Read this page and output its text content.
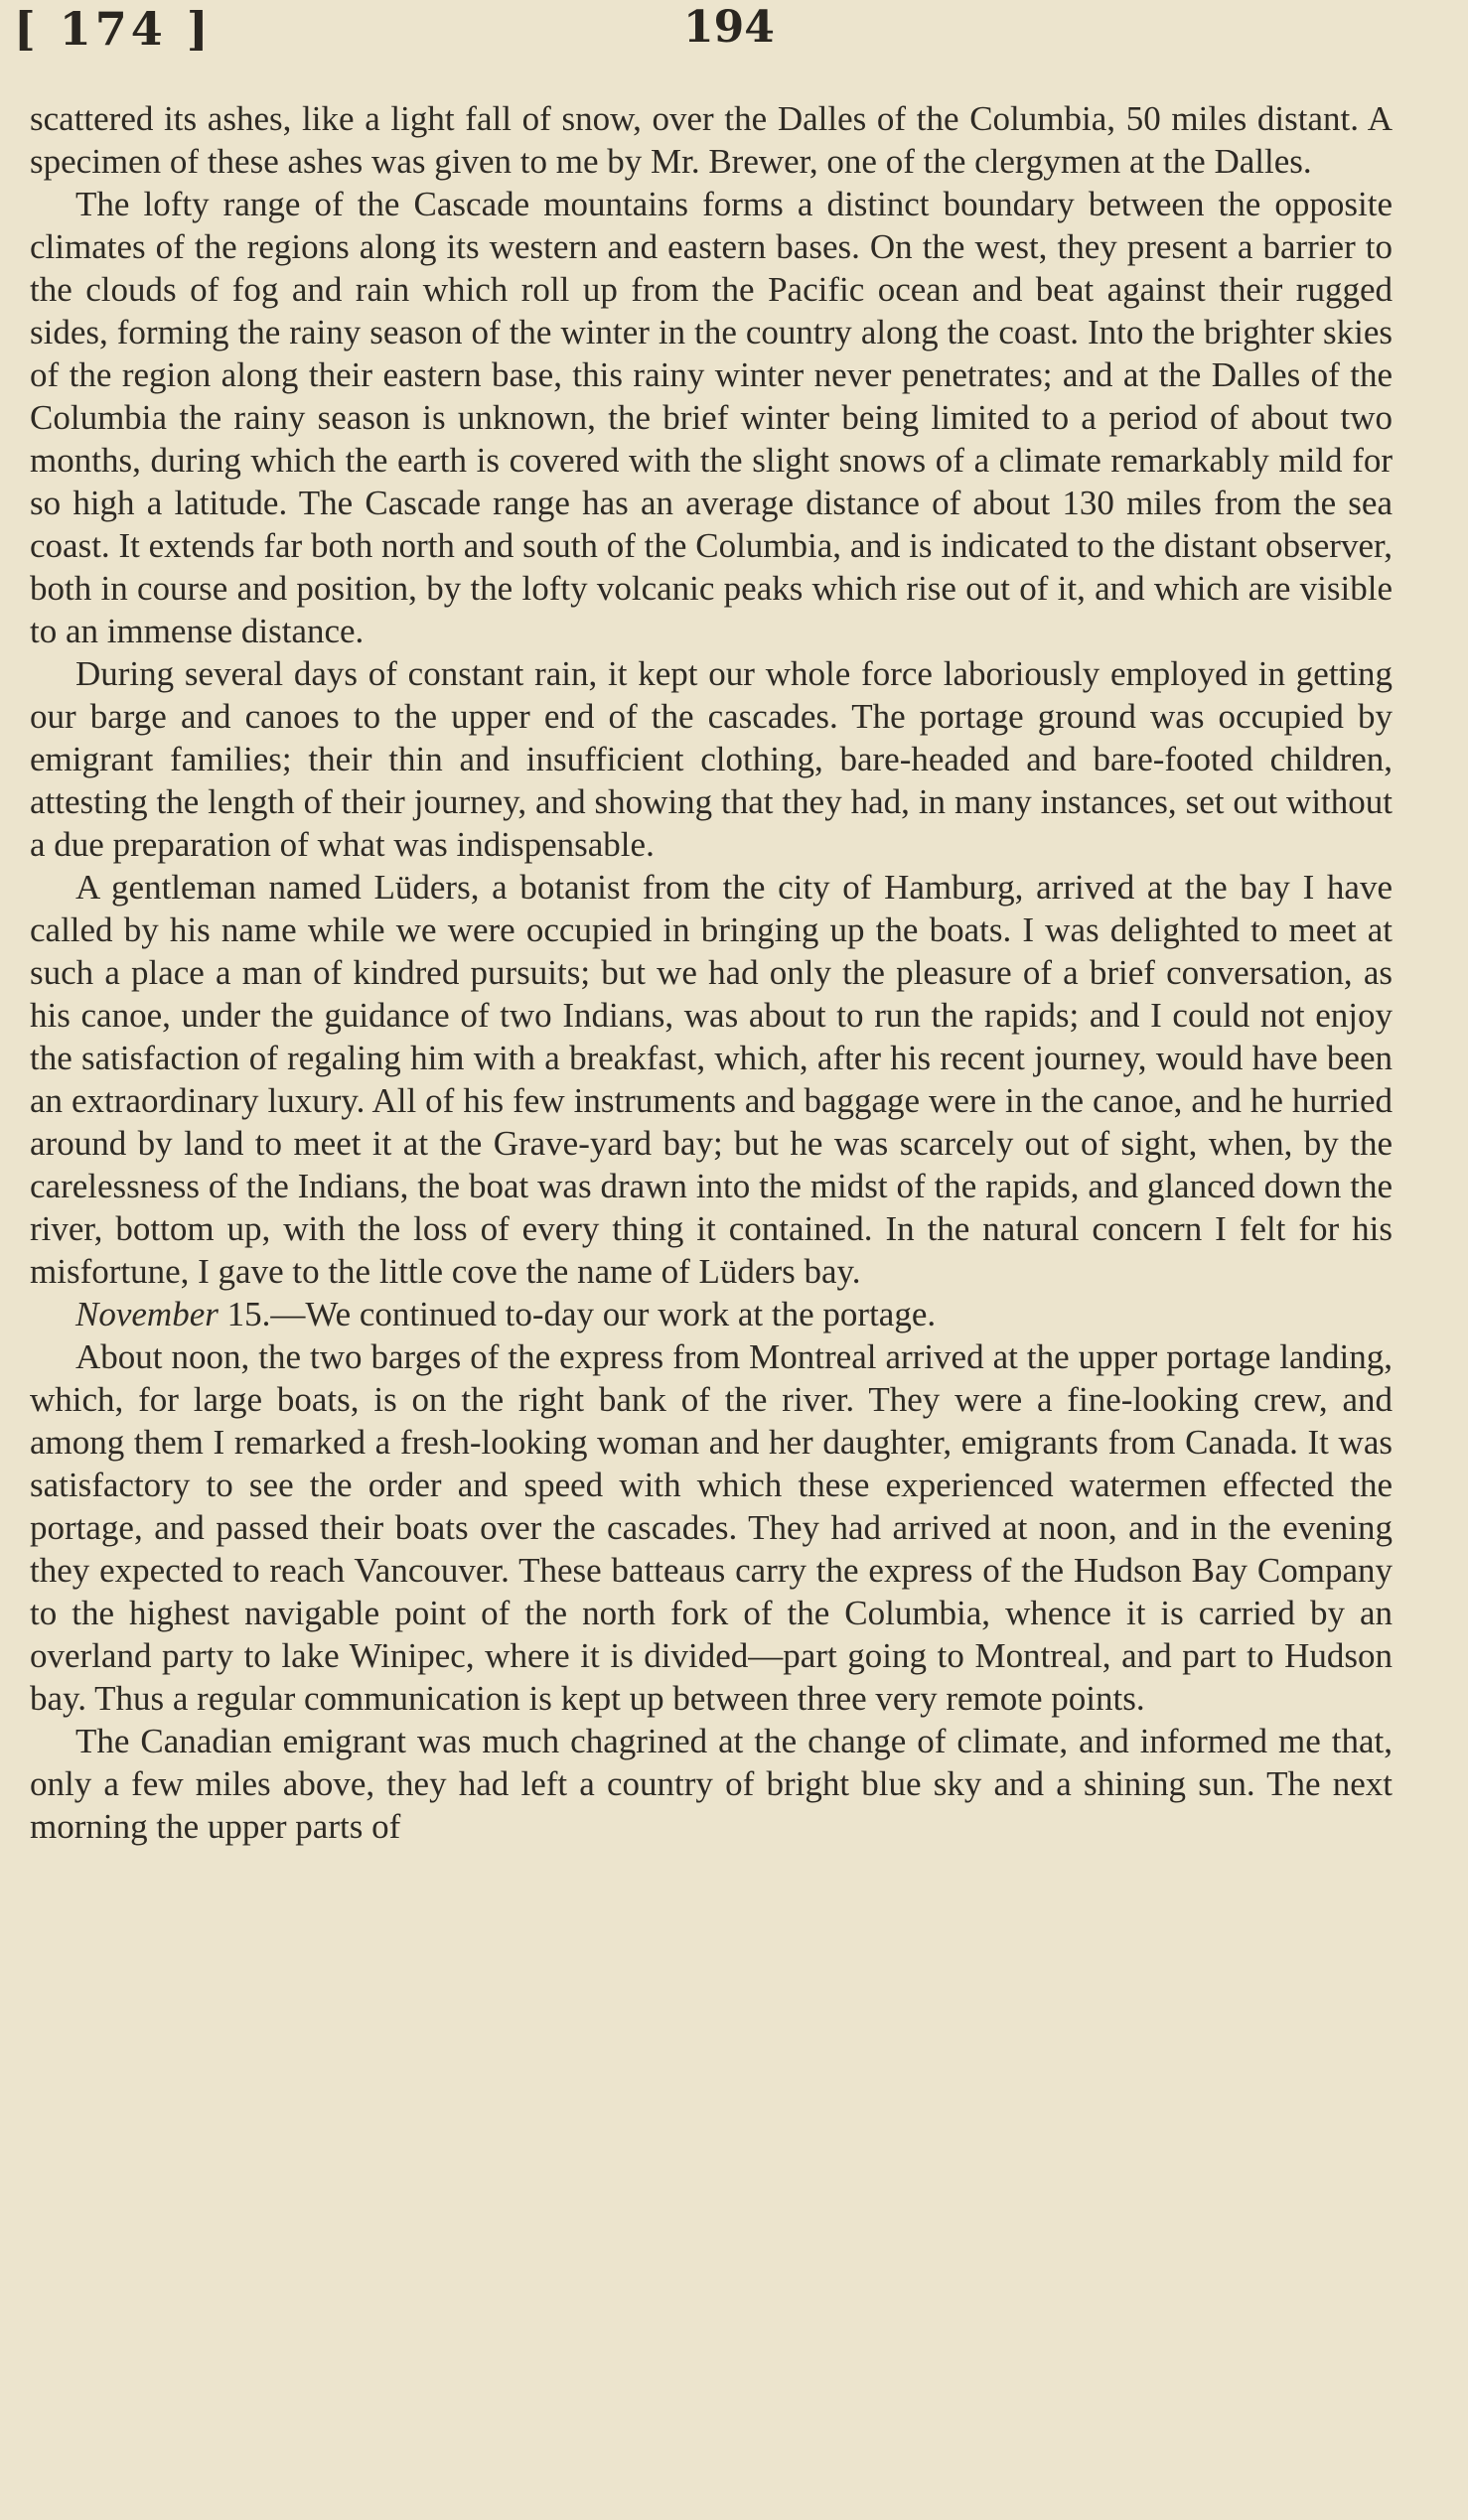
[ 174 ]	194

scattered its ashes, like a light fall of snow, over the Dalles of the Columbia, 50 miles distant. A specimen of these ashes was given to me by Mr. Brewer, one of the clergymen at the Dalles.

The lofty range of the Cascade mountains forms a distinct boundary between the opposite climates of the regions along its western and eastern bases. On the west, they present a barrier to the clouds of fog and rain which roll up from the Pacific ocean and beat against their rugged sides, forming the rainy season of the winter in the country along the coast. Into the brighter skies of the region along their eastern base, this rainy winter never penetrates; and at the Dalles of the Columbia the rainy season is unknown, the brief winter being limited to a period of about two months, during which the earth is covered with the slight snows of a climate remarkably mild for so high a latitude. The Cascade range has an average distance of about 130 miles from the sea coast. It extends far both north and south of the Columbia, and is indicated to the distant observer, both in course and position, by the lofty volcanic peaks which rise out of it, and which are visible to an immense distance.

During several days of constant rain, it kept our whole force laboriously employed in getting our barge and canoes to the upper end of the cascades. The portage ground was occupied by emigrant families; their thin and insufficient clothing, bare-headed and bare-footed children, attesting the length of their journey, and showing that they had, in many instances, set out without a due preparation of what was indispensable.

A gentleman named Lüders, a botanist from the city of Hamburg, arrived at the bay I have called by his name while we were occupied in bringing up the boats. I was delighted to meet at such a place a man of kindred pursuits; but we had only the pleasure of a brief conversation, as his canoe, under the guidance of two Indians, was about to run the rapids; and I could not enjoy the satisfaction of regaling him with a breakfast, which, after his recent journey, would have been an extraordinary luxury. All of his few instruments and baggage were in the canoe, and he hurried around by land to meet it at the Grave-yard bay; but he was scarcely out of sight, when, by the carelessness of the Indians, the boat was drawn into the midst of the rapids, and glanced down the river, bottom up, with the loss of every thing it contained. In the natural concern I felt for his misfortune, I gave to the little cove the name of Lüders bay.

November 15.—We continued to-day our work at the portage.

About noon, the two barges of the express from Montreal arrived at the upper portage landing, which, for large boats, is on the right bank of the river. They were a fine-looking crew, and among them I remarked a fresh-looking woman and her daughter, emigrants from Canada. It was satisfactory to see the order and speed with which these experienced watermen effected the portage, and passed their boats over the cascades. They had arrived at noon, and in the evening they expected to reach Vancouver. These batteaus carry the express of the Hudson Bay Company to the highest navigable point of the north fork of the Columbia, whence it is carried by an overland party to lake Winipec, where it is divided—part going to Montreal, and part to Hudson bay. Thus a regular communication is kept up between three very remote points.

The Canadian emigrant was much chagrined at the change of climate, and informed me that, only a few miles above, they had left a country of bright blue sky and a shining sun. The next morning the upper parts of
